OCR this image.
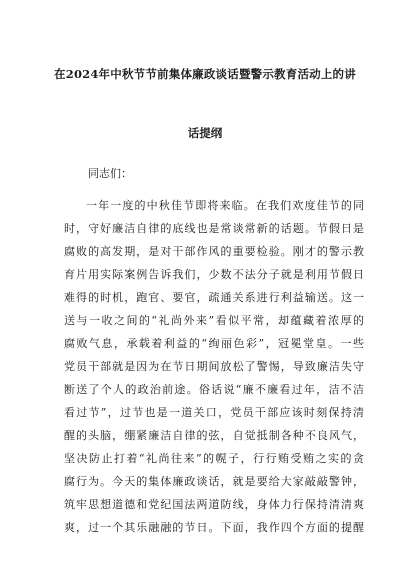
在2024年中秋节节前集体廉政谈话暨警示教育活动上的讲
话提纲
同志们：
一年一度的中秋佳节即将来临。在我们欢度佳节的同
时，守好廉洁自律的底线也是常谈常新的话题。节假日是
腐败的高发期，是对干部作风的重要检验。刚才的警示教
育片用实际案例告诉我们，少数不法分子就是利用节假日
难得的时机，跑官、要官，疏通关系进行利益输送。这一
送与一收之间的“礼尚外来”看似平常，却蕴藏着浓厚的
腐败气息，承载着利益的“绚丽色彩”，冠冕堂皇。一些
党员干部就是因为在节日期间放松了警惕，导致廉洁失守
断送了个人的政治前途。俗话说“廉不廉看过年，洁不洁
看过节”，过节也是一道关口，党员干部应该时刻保持清
醒的头脑，绷紧廉洁自律的弦，自觉抵制各种不良风气，
坚决防止打着“礼尚往来”的幌子，行行贿受贿之实的贪
腐行为。今天的集体廉政谈话，就是要给大家敲敲警钟，
筑牢思想道德和党纪国法两道防线，身体力行保持清清爽
爽，过一个其乐融融的节日。下面，我作四个方面的提醒
